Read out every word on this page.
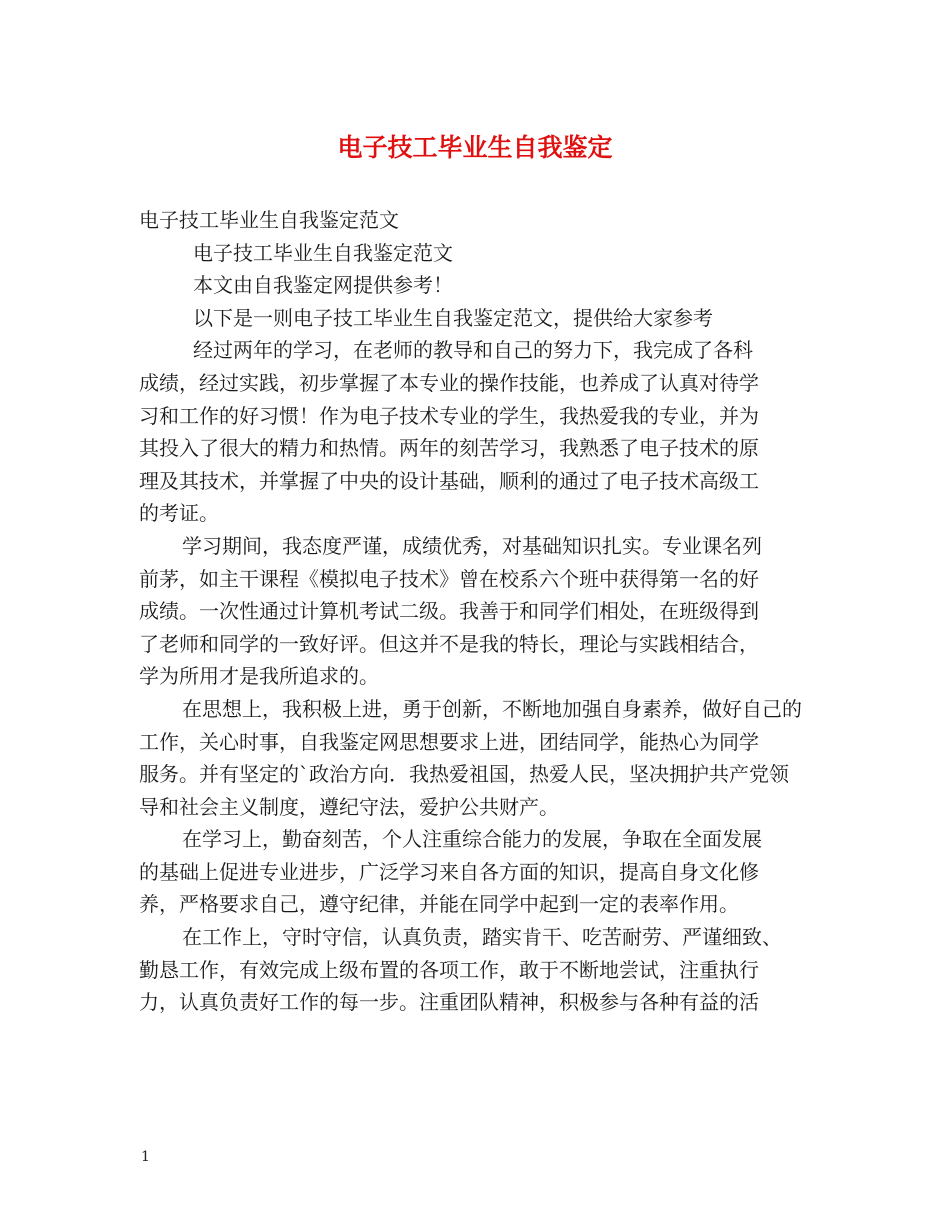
电子技工毕业生自我鉴定
电子技工毕业生自我鉴定范文
电子技工毕业生自我鉴定范文
本文由自我鉴定网提供参考！
以下是一则电子技工毕业生自我鉴定范文，提供给大家参考
经过两年的学习，在老师的教导和自己的努力下，我完成了各科
成绩，经过实践，初步掌握了本专业的操作技能，也养成了认真对待学
习和工作的好习惯！作为电子技术专业的学生，我热爱我的专业，并为
其投入了很大的精力和热情。两年的刻苦学习，我熟悉了电子技术的原
理及其技术，并掌握了中央的设计基础，顺利的通过了电子技术高级工
的考证。
学习期间，我态度严谨，成绩优秀，对基础知识扎实。专业课名列
前茅，如主干课程《模拟电子技术》曾在校系六个班中获得第一名的好
成绩。一次性通过计算机考试二级。我善于和同学们相处，在班级得到
了老师和同学的一致好评。但这并不是我的特长，理论与实践相结合，
学为所用才是我所追求的。
在思想上，我积极上进，勇于创新，不断地加强自身素养，做好自己的
工作，关心时事，自我鉴定网思想要求上进，团结同学，能热心为同学
服务。并有坚定的`政治方向．我热爱祖国，热爱人民，坚决拥护共产党领
导和社会主义制度，遵纪守法，爱护公共财产。
在学习上，勤奋刻苦，个人注重综合能力的发展，争取在全面发展
的基础上促进专业进步，广泛学习来自各方面的知识，提高自身文化修
养，严格要求自己，遵守纪律，并能在同学中起到一定的表率作用。
在工作上，守时守信，认真负责，踏实肯干、吃苦耐劳、严谨细致、
勤恳工作，有效完成上级布置的各项工作，敢于不断地尝试，注重执行
力，认真负责好工作的每一步。注重团队精神，积极参与各种有益的活
1
